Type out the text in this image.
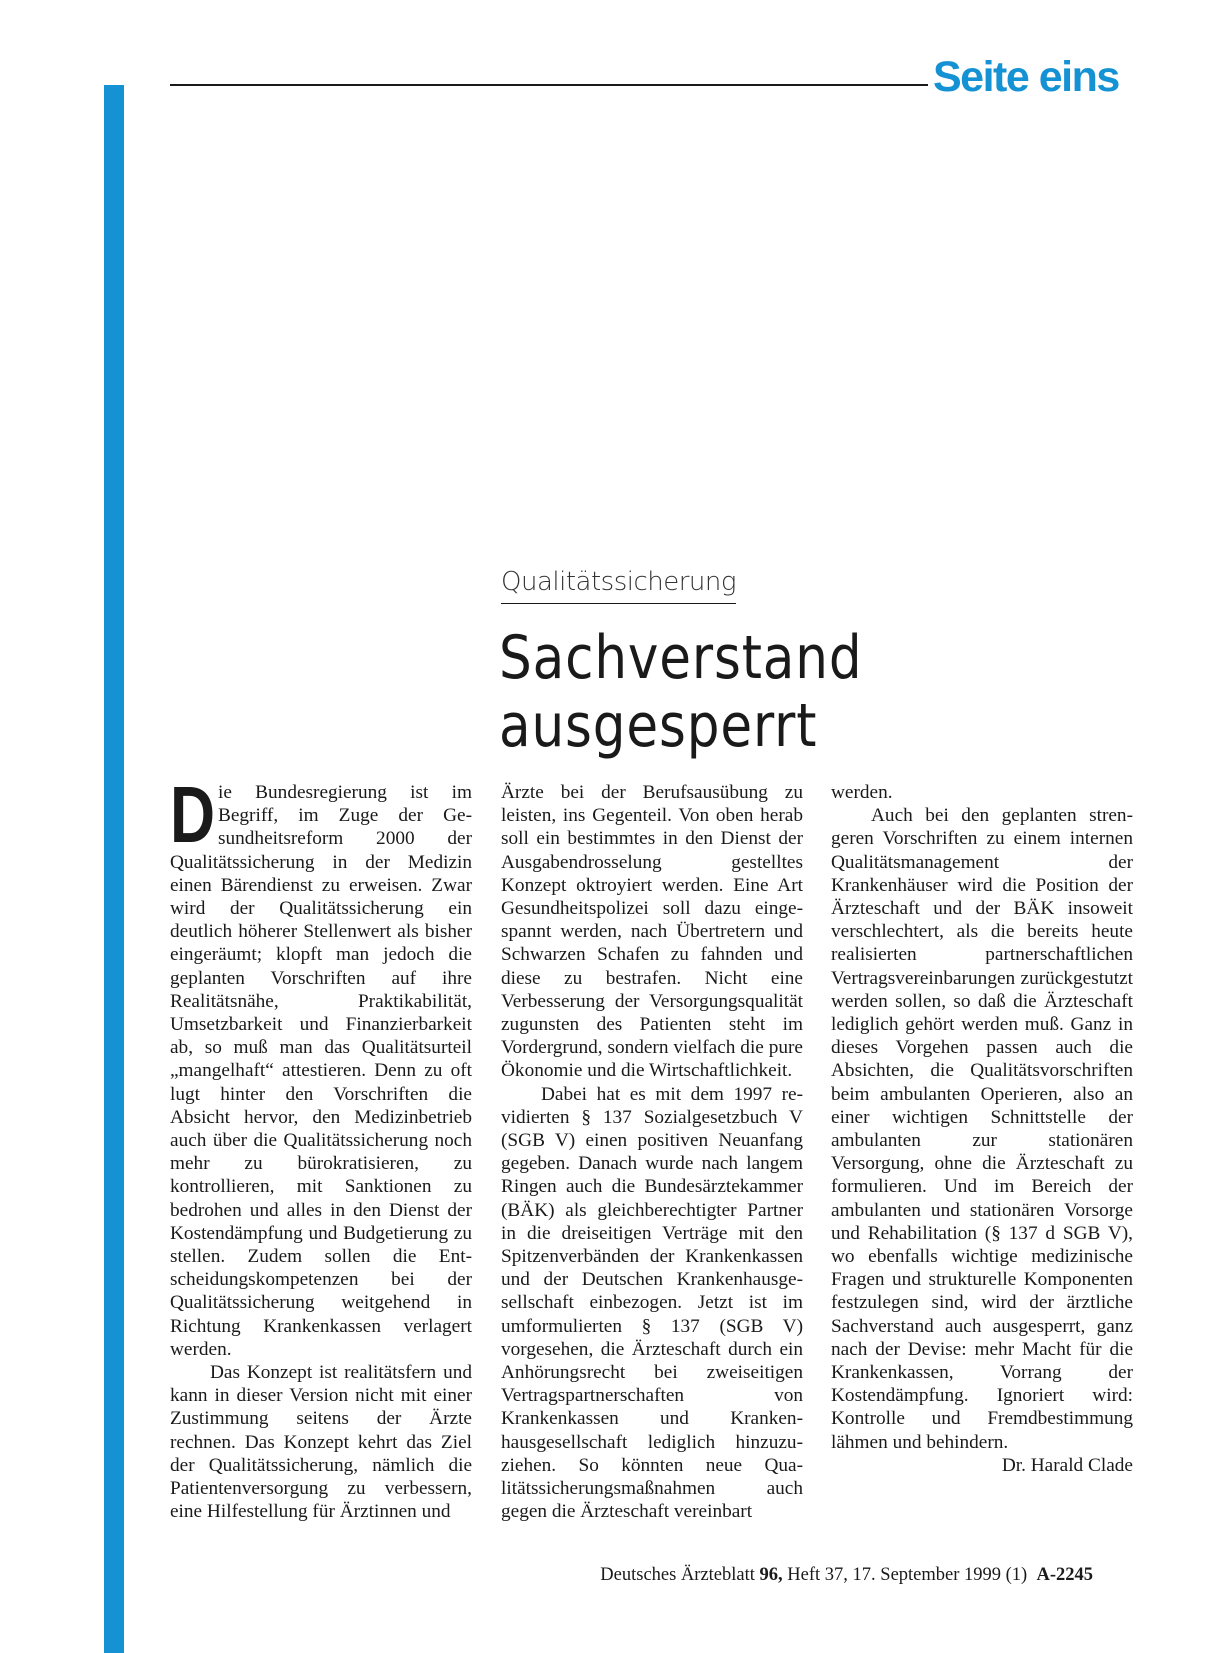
Seite eins
Qualitätssicherung
Sachverstand
ausgesperrt

Die Bundesregierung ist im Begriff, im Zuge der Gesundheitsreform 2000 der Qualitätssicherung in der Medizin einen Bärendienst zu erweisen. Zwar wird der Qualitätssicherung ein deutlich höherer Stellenwert als bisher eingeräumt; klopft man jedoch die geplanten Vorschriften auf ihre Realitätsnähe, Praktikabilität, Umsetzbarkeit und Finanzierbarkeit ab, so muß man das Qualitätsurteil „mangelhaft“ attestieren. Denn zu oft lugt hinter den Vorschriften die Absicht hervor, den Medizinbetrieb auch über die Qualitätssicherung noch mehr zu bürokratisieren, zu kontrollieren, mit Sanktionen zu bedrohen und alles in den Dienst der Kostendämpfung und Budgetierung zu stellen. Zudem sollen die Entscheidungskompetenzen bei der Qualitätssicherung weitgehend in Richtung Krankenkassen verlagert werden.

Das Konzept ist realitätsfern und kann in dieser Version nicht mit einer Zustimmung seitens der Ärzte rechnen. Das Konzept kehrt das Ziel der Qualitätssicherung, nämlich die Patientenversorgung zu verbessern, eine Hilfestellung für Ärztinnen und

Ärzte bei der Berufsausübung zu leisten, ins Gegenteil. Von oben herab soll ein bestimmtes in den Dienst der Ausgabendrosselung gestelltes Konzept oktroyiert werden. Eine Art Gesundheitspolizei soll dazu eingespannt werden, nach Übertretern und Schwarzen Schafen zu fahnden und diese zu bestrafen. Nicht eine Verbesserung der Versorgungsqualität zugunsten des Patienten steht im Vordergrund, sondern vielfach die pure Ökonomie und die Wirtschaftlichkeit.

Dabei hat es mit dem 1997 revidierten § 137 Sozialgesetzbuch V (SGB V) einen positiven Neuanfang gegeben. Danach wurde nach langem Ringen auch die Bundesärztekammer (BÄK) als gleichberechtigter Partner in die dreiseitigen Verträge mit den Spitzenverbänden der Krankenkassen und der Deutschen Krankenhausgesellschaft einbezogen. Jetzt ist im umformulierten § 137 (SGB V) vorgesehen, die Ärzteschaft durch ein Anhörungsrecht bei zweiseitigen Vertragspartnerschaften von Krankenkassen und Krankenhausgesellschaft lediglich hinzuzuziehen. So könnten neue Qualitätssicherungsmaßnahmen auch gegen die Ärzteschaft vereinbart

werden.

Auch bei den geplanten strengeren Vorschriften zu einem internen Qualitätsmanagement der Krankenhäuser wird die Position der Ärzteschaft und der BÄK insoweit verschlechtert, als die bereits heute realisierten partnerschaftlichen Vertragsvereinbarungen zurückgestutzt werden sollen, so daß die Ärzteschaft lediglich gehört werden muß. Ganz in dieses Vorgehen passen auch die Absichten, die Qualitätsvorschriften beim ambulanten Operieren, also an einer wichtigen Schnittstelle der ambulanten zur stationären Versorgung, ohne die Ärzteschaft zu formulieren. Und im Bereich der ambulanten und stationären Vorsorge und Rehabilitation (§ 137 d SGB V), wo ebenfalls wichtige medizinische Fragen und strukturelle Komponenten festzulegen sind, wird der ärztliche Sachverstand auch ausgesperrt, ganz nach der Devise: mehr Macht für die Krankenkassen, Vorrang der Kostendämpfung. Ignoriert wird: Kontrolle und Fremdbestimmung lähmen und behindern.
Dr. Harald Clade

Deutsches Ärzteblatt 96, Heft 37, 17. September 1999 (1) A-2245
